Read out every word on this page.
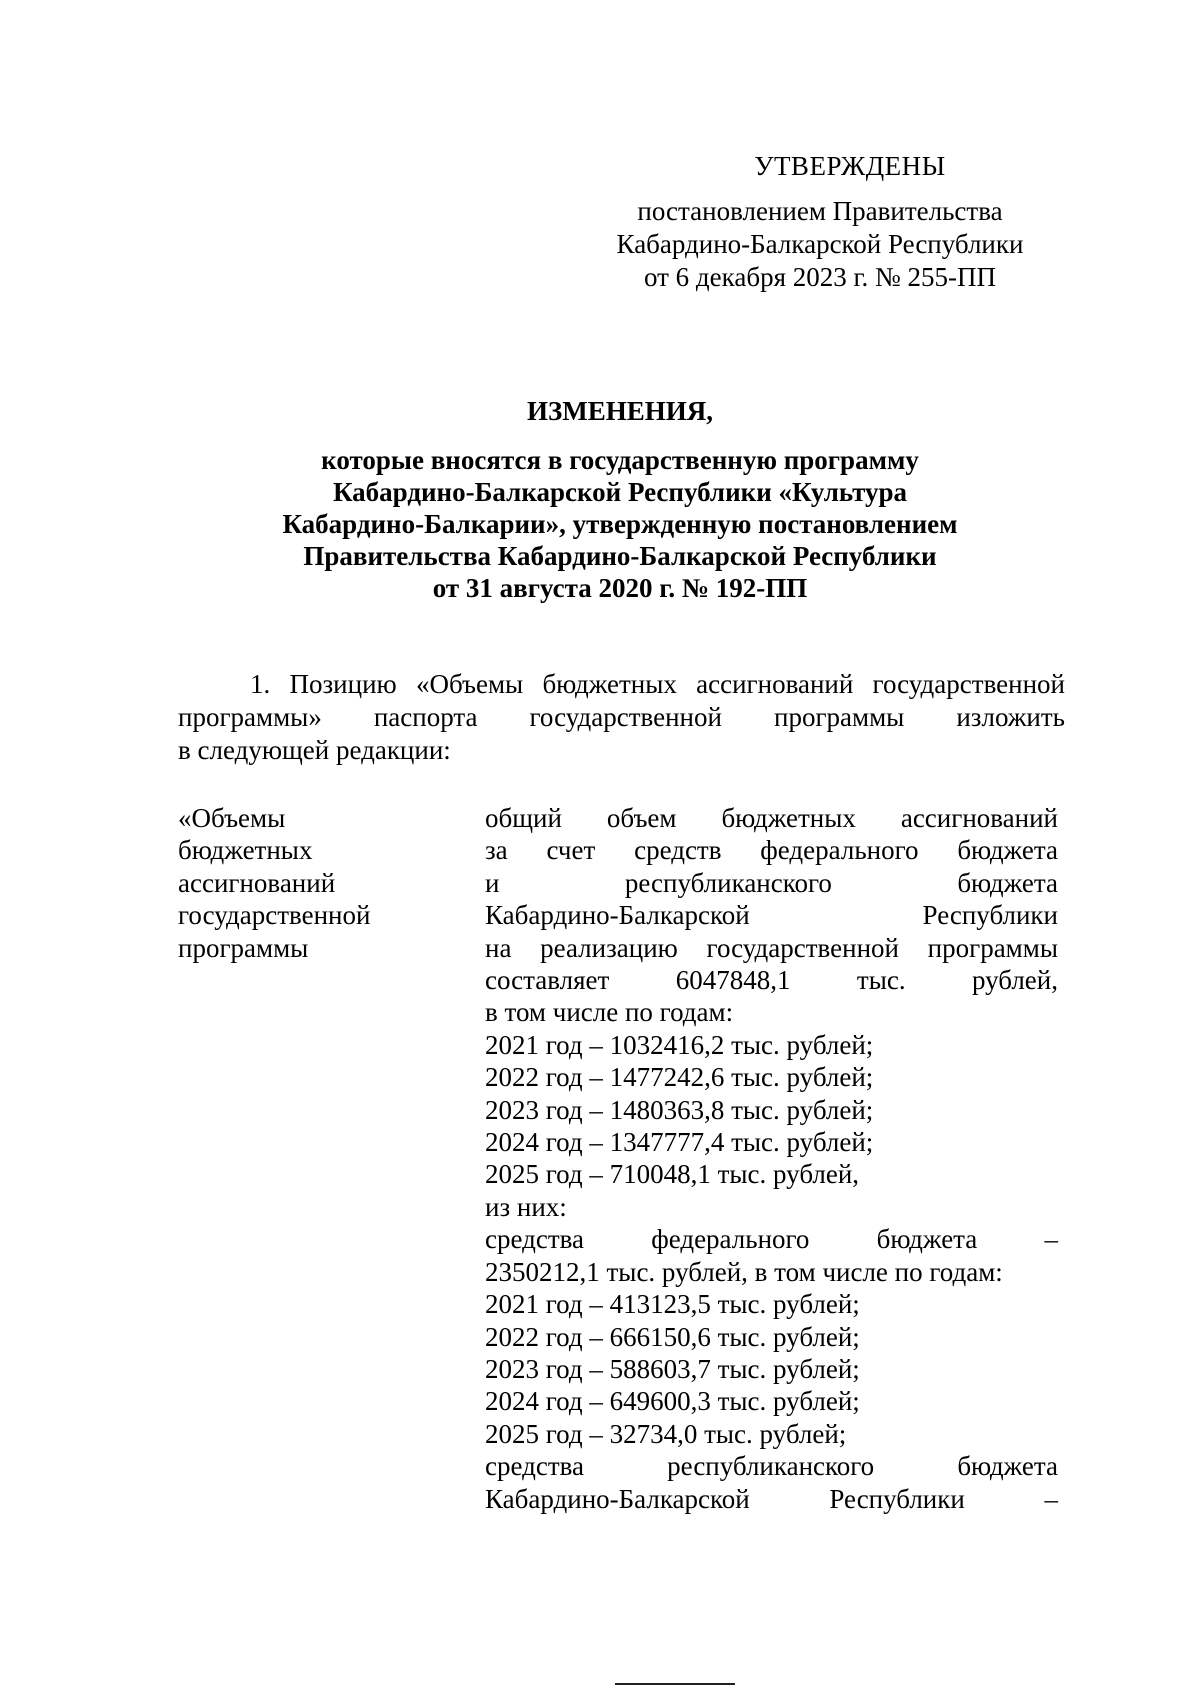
УТВЕРЖДЕНЫ
постановлением Правительства
Кабардино-Балкарской Республики
от 6 декабря 2023 г. № 255-ПП
ИЗМЕНЕНИЯ,
которые вносятся в государственную программу
Кабардино-Балкарской Республики «Культура
Кабардино-Балкарии», утвержденную постановлением
Правительства Кабардино-Балкарской Республики
от 31 августа 2020 г. № 192-ПП
1. Позицию «Объемы бюджетных ассигнований государственной
программы» паспорта государственной программы изложить
в следующей редакции:
«Объемы
бюджетных
ассигнований
государственной
программы
общий объем бюджетных ассигнований
за счет средств федерального бюджета
и республиканского бюджета
Кабардино-Балкарской Республики
на реализацию государственной программы
составляет 6047848,1 тыс. рублей,
в том числе по годам:
2021 год – 1032416,2 тыс. рублей;
2022 год – 1477242,6 тыс. рублей;
2023 год – 1480363,8 тыс. рублей;
2024 год – 1347777,4 тыс. рублей;
2025 год – 710048,1 тыс. рублей,
из них:
средства федерального бюджета –
2350212,1 тыс. рублей, в том числе по годам:
2021 год – 413123,5 тыс. рублей;
2022 год – 666150,6 тыс. рублей;
2023 год – 588603,7 тыс. рублей;
2024 год – 649600,3 тыс. рублей;
2025 год – 32734,0 тыс. рублей;
средства республиканского бюджета
Кабардино-Балкарской Республики –
